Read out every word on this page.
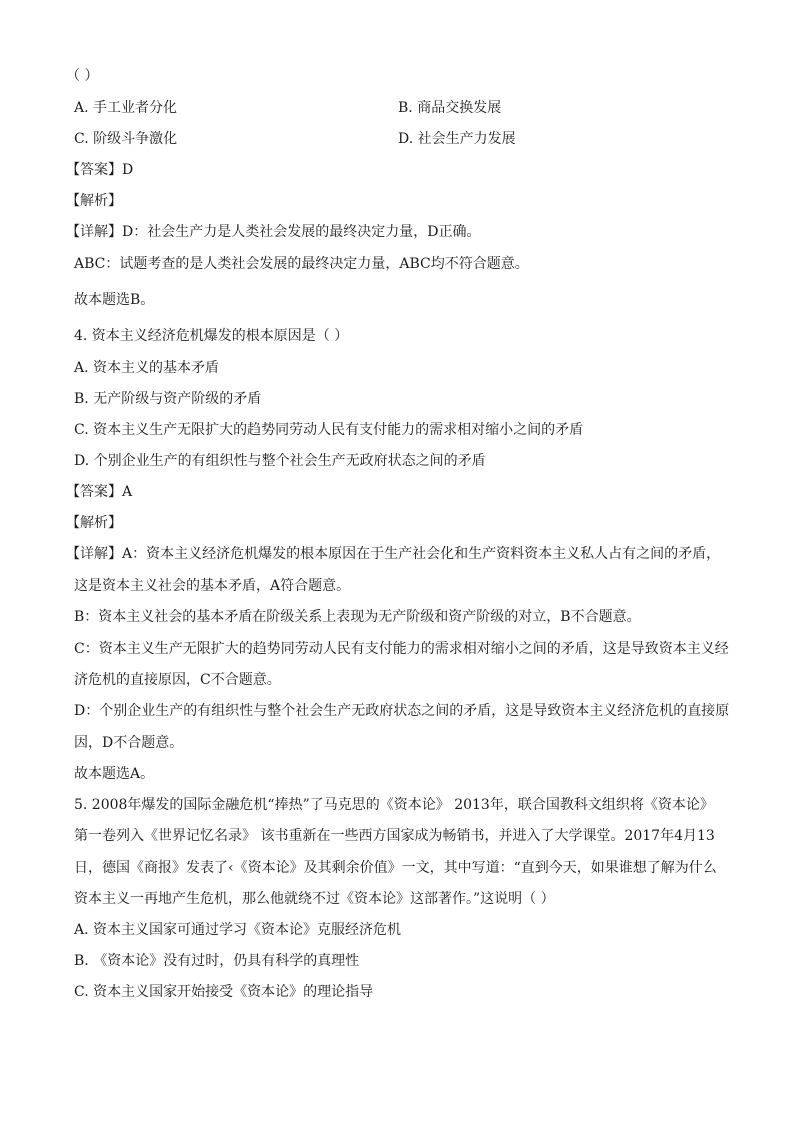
（ ）
A. 手工业者分化	B. 商品交换发展
C. 阶级斗争激化	D. 社会生产力发展
【答案】D
【解析】
【详解】D：社会生产力是人类社会发展的最终决定力量，D正确。
ABC：试题考查的是人类社会发展的最终决定力量，ABC均不符合题意。
故本题选B。
4. 资本主义经济危机爆发的根本原因是（ ）
A. 资本主义的基本矛盾
B. 无产阶级与资产阶级的矛盾
C. 资本主义生产无限扩大的趋势同劳动人民有支付能力的需求相对缩小之间的矛盾
D. 个别企业生产的有组织性与整个社会生产无政府状态之间的矛盾
【答案】A
【解析】
【详解】A：资本主义经济危机爆发的根本原因在于生产社会化和生产资料资本主义私人占有之间的矛盾，
这是资本主义社会的基本矛盾，A符合题意。
B：资本主义社会的基本矛盾在阶级关系上表现为无产阶级和资产阶级的对立，B不合题意。
C：资本主义生产无限扩大的趋势同劳动人民有支付能力的需求相对缩小之间的矛盾，这是导致资本主义经
济危机的直接原因，C不合题意。
D：个别企业生产的有组织性与整个社会生产无政府状态之间的矛盾，这是导致资本主义经济危机的直接原
因，D不合题意。
故本题选A。
5. 2008年爆发的国际金融危机“捧热”了马克思的《资本论》 2013年，联合国教科文组织将《资本论》
第一卷列入《世界记忆名录》 该书重新在一些西方国家成为畅销书，并进入了大学课堂。2017年4月13
日，德国《商报》发表了‹《资本论》及其剩余价值》一文，其中写道：“直到今天，如果谁想了解为什么
资本主义一再地产生危机，那么他就绕不过《资本论》这部著作。”这说明（ ）
A. 资本主义国家可通过学习《资本论》克服经济危机
B. 《资本论》没有过时，仍具有科学的真理性
C. 资本主义国家开始接受《资本论》的理论指导
